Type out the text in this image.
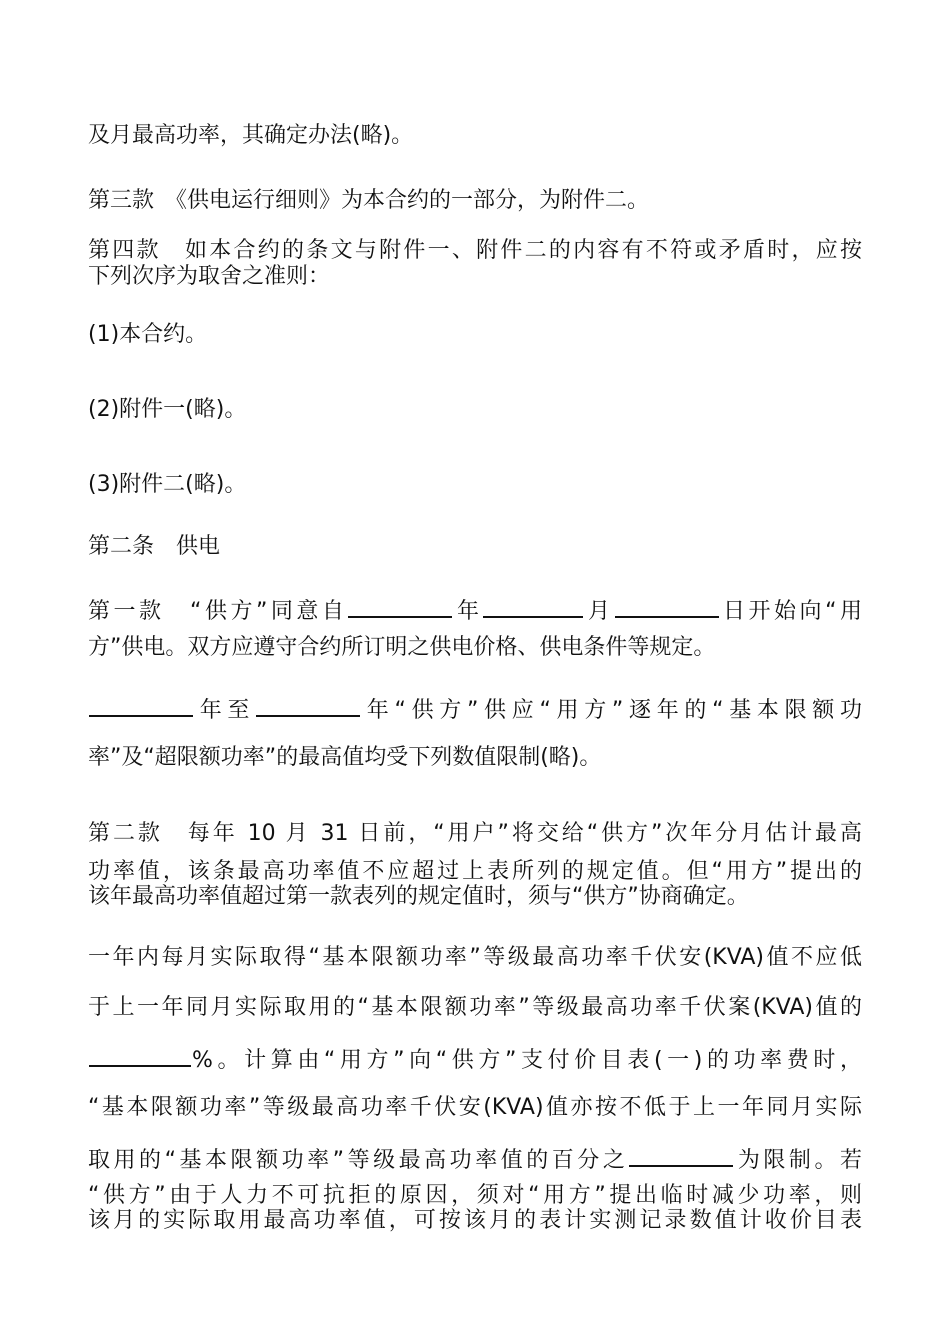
及月最高功率，其确定办法(略)。
第三款　《供电运行细则》为本合约的一部分，为附件二。
第四款　如本合约的条文与附件一、附件二的内容有不符或矛盾时，应按
下列次序为取舍之准则：
(1)本合约。
(2)附件一(略)。
(3)附件二(略)。
第二条　供电
第一款　“供方”同意自	年	月	日开始向“用
方”供电。双方应遵守合约所订明之供电价格、供电条件等规定。
年至	年“供方”供应“用方”逐年的“基本限额功
率”及“超限额功率”的最高值均受下列数值限制(略)。
第二款　每年 10 月 31 日前，“用户”将交给“供方”次年分月估计最高
功率值，该条最高功率值不应超过上表所列的规定值。但“用方”提出的
该年最高功率值超过第一款表列的规定值时，须与“供方”协商确定。
一年内每月实际取得“基本限额功率”等级最高功率千伏安(KVA)值不应低
于上一年同月实际取用的“基本限额功率”等级最高功率千伏案(KVA)值的
%。计算由“用方”向“供方”支付价目表(一)的功率费时，
“基本限额功率”等级最高功率千伏安(KVA)值亦按不低于上一年同月实际
取用的“基本限额功率”等级最高功率值的百分之	为限制。若
“供方”由于人力不可抗拒的原因，须对“用方”提出临时减少功率，则
该月的实际取用最高功率值，可按该月的表计实测记录数值计收价目表
